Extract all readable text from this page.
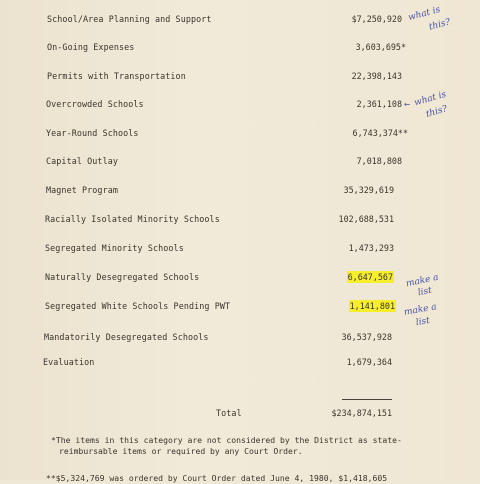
School/Area Planning and Support	$7,250,920
On-Going Expenses	3,603,695*
Permits with Transportation	22,398,143
Overcrowded Schools	2,361,108
Year-Round Schools	6,743,374**
Capital Outlay	7,018,808
Magnet Program	35,329,619
Racially Isolated Minority Schools	102,688,531
Segregated Minority Schools	1,473,293
Naturally Desegregated Schools	6,647,567
Segregated White Schools Pending PWT	1,141,801
Mandatorily Desegregated Schools	36,537,928
Evaluation	1,679,364
Total	$234,874,151
*The items in this category are not considered by the District as state-
reimbursable items or required by any Court Order.
**$5,324,769 was ordered by Court Order dated June 4, 1980, $1,418,605
what is
this?
← what is
this?
make a
list
make a
list
